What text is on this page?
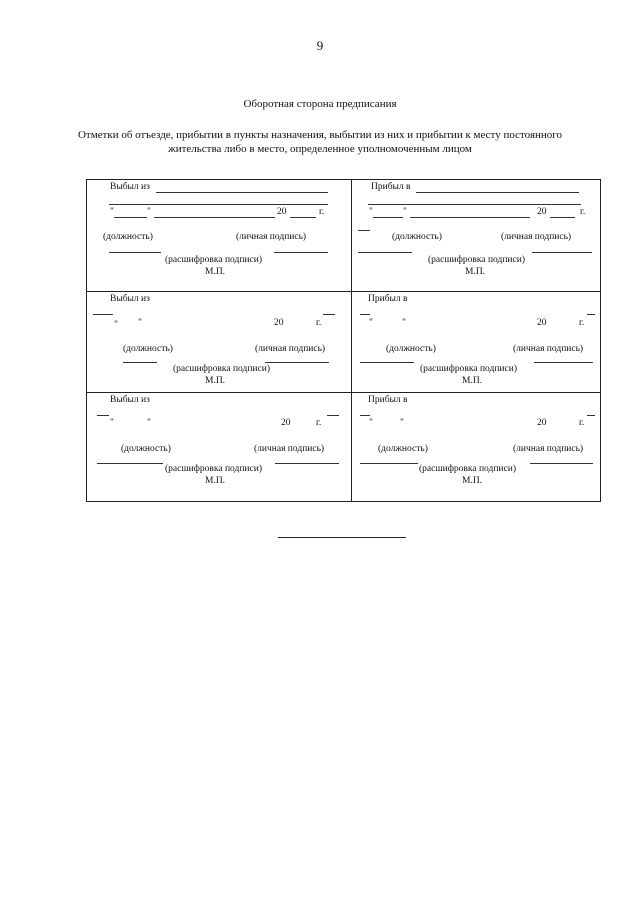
9
Оборотная сторона предписания
Отметки об отъезде, прибытии в пункты назначения, выбытии из них и прибытии к месту постоянного жительства либо в место, определенное уполномоченным лицом
Выбыл из
"	"	20	г.
(должность)	(личная подпись)
(расшифровка подписи)
М.П.
Прибыл в
"	"	20	г.
(должность)	(личная подпись)
(расшифровка подписи)
М.П.
Выбыл из
"
"	20	г.
(должность)	(личная подпись)
(расшифровка подписи)
М.П.
Прибыл в
"	"	20	г.
(должность)	(личная подпись)
(расшифровка подписи)
М.П.
Выбыл из
"	"	20	г.
(должность)	(личная подпись)
(расшифровка подписи)
М.П.
Прибыл в
"	"	20	г.
(должность)	(личная подпись)
(расшифровка подписи)
М.П.
